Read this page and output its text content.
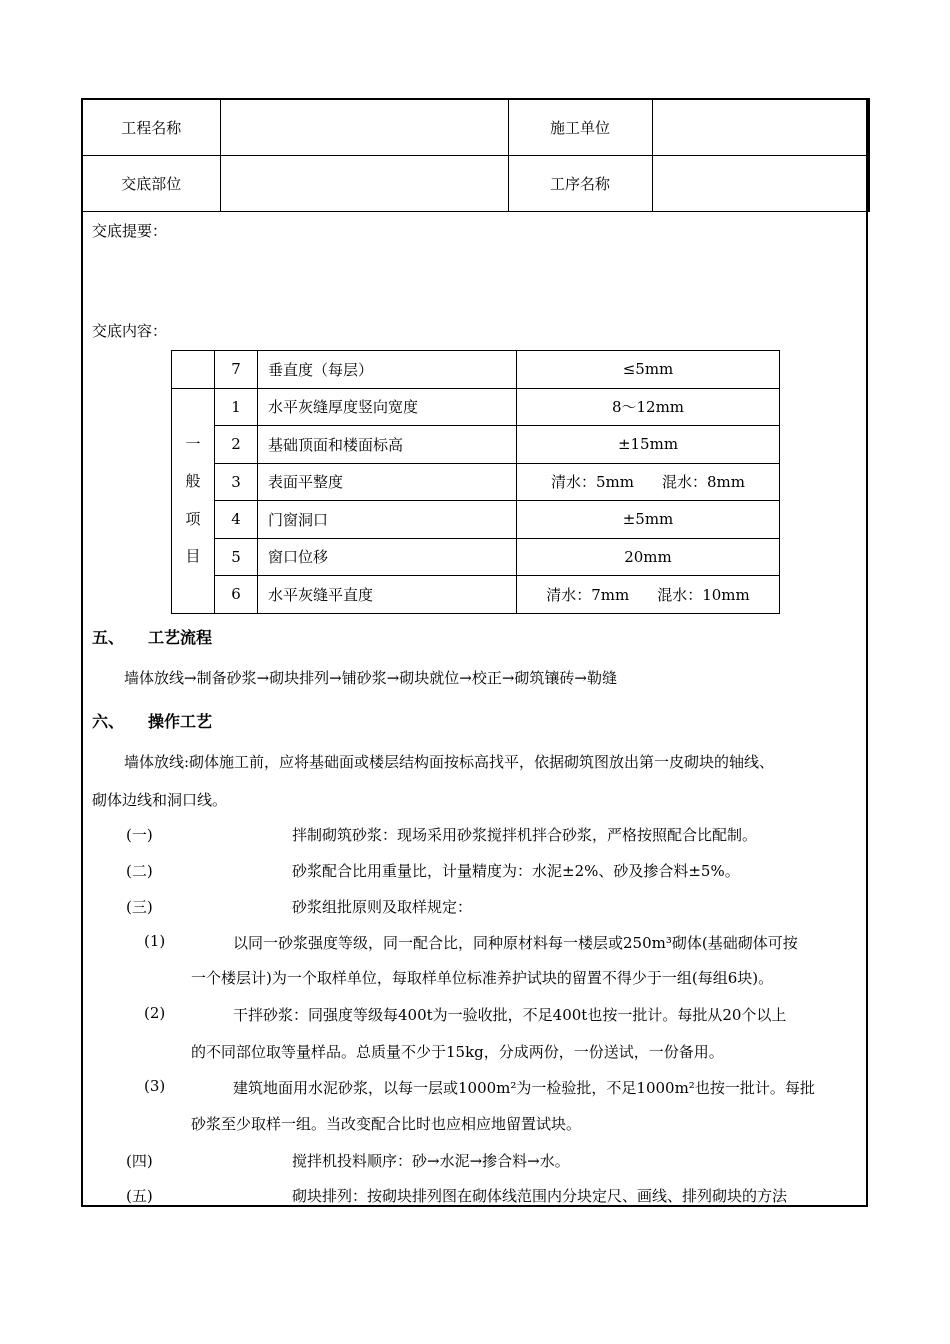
工程名称		施工单位	
交底部位		工序名称	
交底提要：
交底内容：
	7	垂直度（每层）	≤5mm

一
般
项
目	1	水平灰缝厚度竖向宽度	8～12mm
	2	基础顶面和楼面标高	±15mm
	3	表面平整度	清水：5mm 混水：8mm
	4	门窗洞口	±5mm
	5	窗口位移	20mm
	6	水平灰缝平直度	清水：7mm 混水：10mm
五、 工艺流程
墙体放线→制备砂浆→砌块排列→铺砂浆→砌块就位→校正→砌筑镶砖→勒缝
六、 操作工艺
墙体放线:砌体施工前，应将基础面或楼层结构面按标高找平，依据砌筑图放出第一皮砌块的轴线、
砌体边线和洞口线。
(一)	拌制砌筑砂浆：现场采用砂浆搅拌机拌合砂浆，严格按照配合比配制。
(二)	砂浆配合比用重量比，计量精度为：水泥±2%、砂及掺合料±5%。
(三)	砂浆组批原则及取样规定：
(1)	以同一砂浆强度等级，同一配合比，同种原材料每一楼层或250m³砌体(基础砌体可按
一个楼层计)为一个取样单位，每取样单位标准养护试块的留置不得少于一组(每组6块)。
(2)	干拌砂浆：同强度等级每400t为一验收批，不足400t也按一批计。每批从20个以上
的不同部位取等量样品。总质量不少于15kg，分成两份，一份送试，一份备用。
(3)	建筑地面用水泥砂浆，以每一层或1000m²为一检验批，不足1000m²也按一批计。每批
砂浆至少取样一组。当改变配合比时也应相应地留置试块。
(四)	搅拌机投料顺序：砂→水泥→掺合料→水。
(五)	砌块排列：按砌块排列图在砌体线范围内分块定尺、画线、排列砌块的方法
